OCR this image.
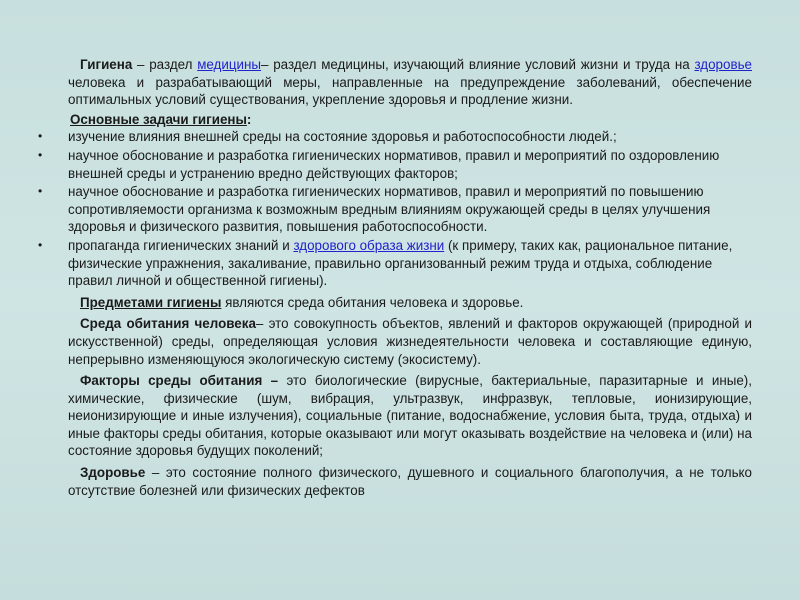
Гигиена – раздел медицины– раздел медицины, изучающий влияние условий жизни и труда на здоровье человека и разрабатывающий меры, направленные на предупреждение заболеваний, обеспечение оптимальных условий существования, укрепление здоровья и продление жизни.

Основные задачи гигиены:

• изучение влияния внешней среды на состояние здоровья и работоспособности людей.;
• научное обоснование и разработка гигиенических нормативов, правил и мероприятий по оздоровлению внешней среды и устранению вредно действующих факторов;
• научное обоснование и разработка гигиенических нормативов, правил и мероприятий по повышению сопротивляемости организма к возможным вредным влияниям окружающей среды в целях улучшения здоровья и физического развития, повышения работоспособности.
• пропаганда гигиенических знаний и здорового образа жизни (к примеру, таких как, рациональное питание, физические упражнения, закаливание, правильно организованный режим труда и отдыха, соблюдение правил личной и общественной гигиены).

Предметами гигиены являются среда обитания человека и здоровье.

Среда обитания человека– это совокупность объектов, явлений и факторов окружающей (природной и искусственной) среды, определяющая условия жизнедеятельности человека и составляющие единую, непрерывно изменяющуюся экологическую систему (экосистему).

Факторы среды обитания – это биологические (вирусные, бактериальные, паразитарные и иные), химические, физические (шум, вибрация, ультразвук, инфразвук, тепловые, ионизирующие, неионизирующие и иные излучения), социальные (питание, водоснабжение, условия быта, труда, отдыха) и иные факторы среды обитания, которые оказывают или могут оказывать воздействие на человека и (или) на состояние здоровья будущих поколений;

Здоровье – это состояние полного физического, душевного и социального благополучия, а не только отсутствие болезней или физических дефектов
